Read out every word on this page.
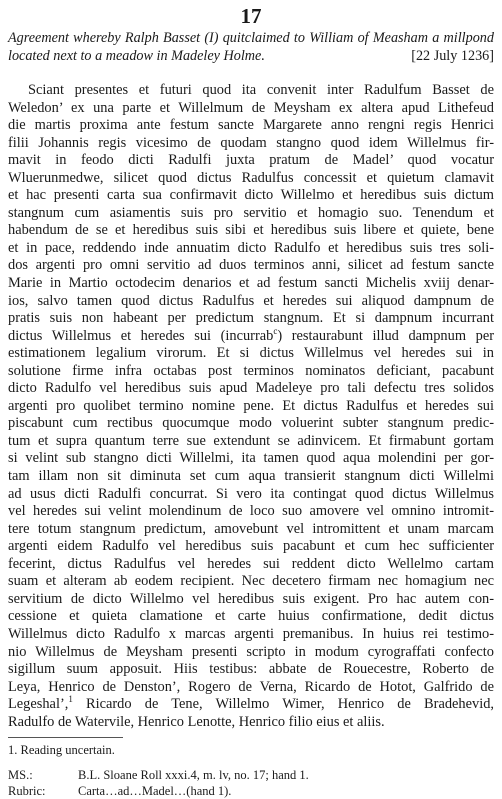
17
Agreement whereby Ralph Basset (I) quitclaimed to William of Measham a millpond located next to a meadow in Madeley Holme.	[22 July 1236]
Sciant presentes et futuri quod ita convenit inter Radulfum Basset de
Weledon’ ex una parte et Willelmum de Meysham ex altera apud Lithefeud
die martis proxima ante festum sancte Margarete anno rengni regis Henrici
filii Johannis regis vicesimo de quodam stangno quod idem Willelmus fir-
mavit in feodo dicti Radulfi juxta pratum de Madel’ quod vocatur
Wluerunmedwe, silicet quod dictus Radulfus concessit et quietum clamavit
et hac presenti carta sua confirmavit dicto Willelmo et heredibus suis dictum
stangnum cum asiamentis suis pro servitio et homagio suo. Tenendum et
habendum de se et heredibus suis sibi et heredibus suis libere et quiete, bene
et in pace, reddendo inde annuatim dicto Radulfo et heredibus suis tres soli-
dos argenti pro omni servitio ad duos terminos anni, silicet ad festum sancte
Marie in Martio octodecim denarios et ad festum sancti Michelis xviij denar-
ios, salvo tamen quod dictus Radulfus et heredes sui aliquod dampnum de
pratis suis non habeant per predictum stangnum. Et si dampnum incurrant
dictus Willelmus et heredes sui (incurrab$^c$) restaurabunt illud dampnum per
estimationem legalium virorum. Et si dictus Willelmus vel heredes sui in
solutione firme infra octabas post terminos nominatos deficiant, pacabunt
dicto Radulfo vel heredibus suis apud Madeleye pro tali defectu tres solidos
argenti pro quolibet termino nomine pene. Et dictus Radulfus et heredes sui
piscabunt cum rectibus quocumque modo voluerint subter stangnum predic-
tum et supra quantum terre sue extendunt se adinvicem. Et firmabunt gortam
si velint sub stangno dicti Willelmi, ita tamen quod aqua molendini per gor-
tam illam non sit diminuta set cum aqua transierit stangnum dicti Willelmi
ad usus dicti Radulfi concurrat. Si vero ita contingat quod dictus Willelmus
vel heredes sui velint molendinum de loco suo amovere vel omnino intromit-
tere totum stangnum predictum, amovebunt vel intromittent et unam marcam
argenti eidem Radulfo vel heredibus suis pacabunt et cum hec sufficienter
fecerint, dictus Radulfus vel heredes sui reddent dicto Wellelmo cartam
suam et alteram ab eodem recipient. Nec decetero firmam nec homagium nec
servitium de dicto Willelmo vel heredibus suis exigent. Pro hac autem con-
cessione et quieta clamatione et carte huius confirmatione, dedit dictus
Willelmus dicto Radulfo x marcas argenti premanibus. In huius rei testimo-
nio Willelmus de Meysham presenti scripto in modum cyrograffati confecto
sigillum suum apposuit. Hiis testibus: abbate de Rouecestre, Roberto de
Leya, Henrico de Denston’, Rogero de Verna, Ricardo de Hotot, Galfrido de
Legeshal’,$^1$ Ricardo de Tene, Willelmo Wimer, Henrico de Bradehevid,
Radulfo de Watervile, Henrico Lenotte, Henrico filio eius et aliis.
1. Reading uncertain.
MS.:	B.L. Sloane Roll xxxi.4, m. lv, no. 17; hand 1.
Rubric:	Carta…ad…Madel…(hand 1).
